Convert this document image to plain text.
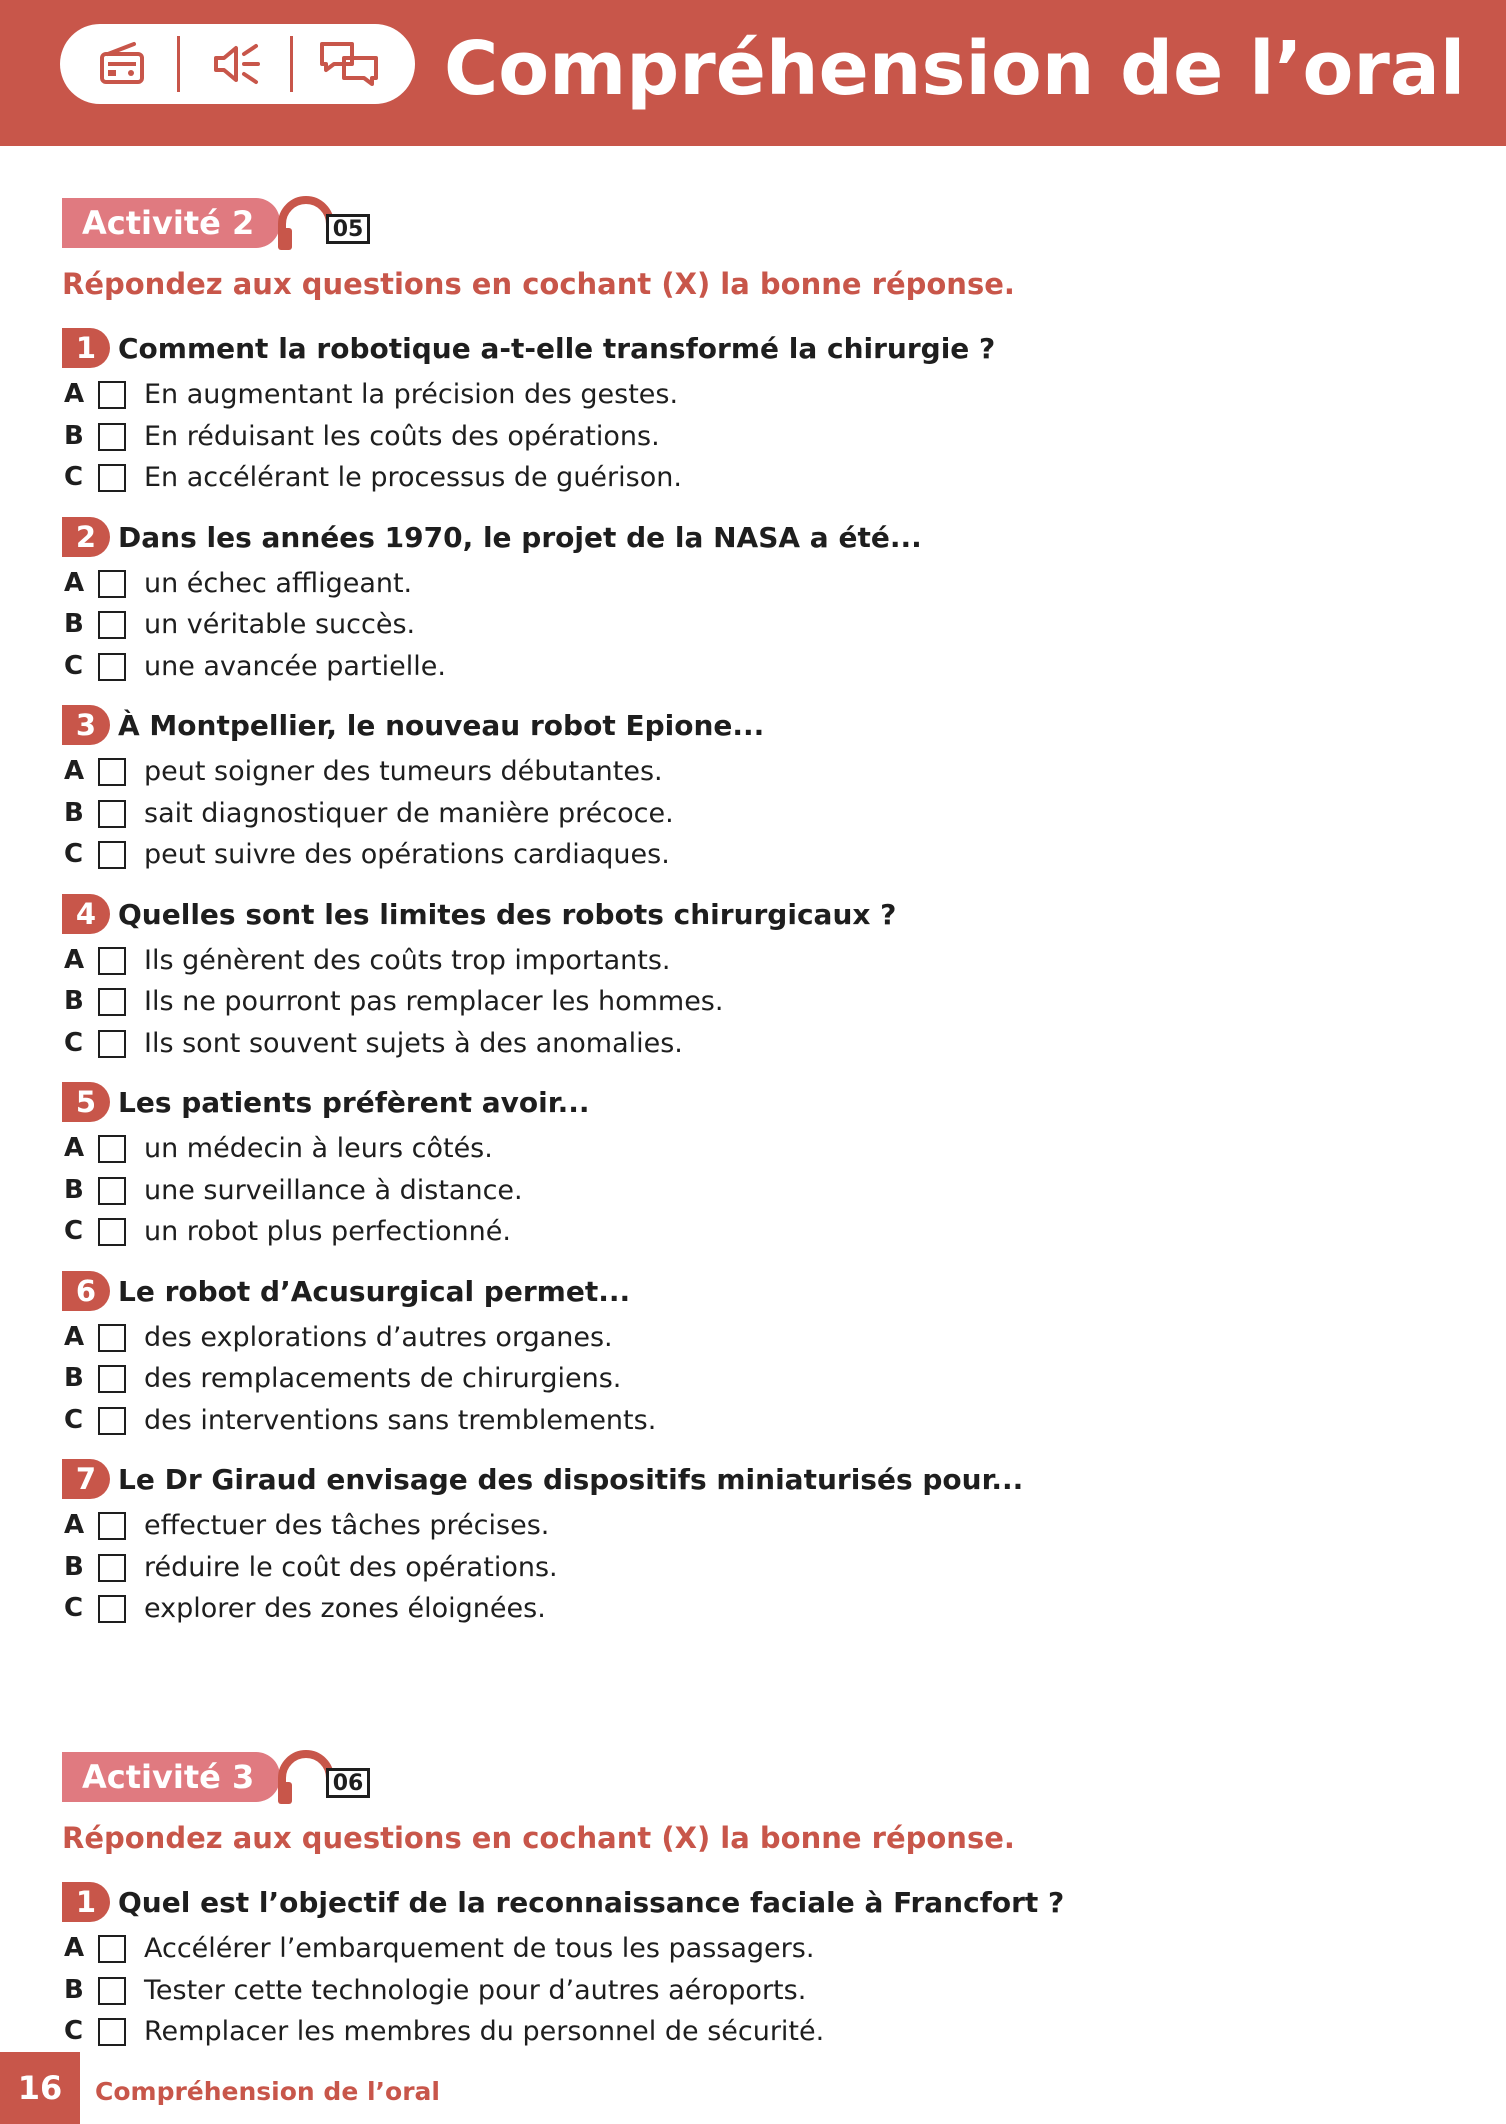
Compréhension de l’oral
Activité 2	05
Répondez aux questions en cochant (X) la bonne réponse.
1 Comment la robotique a-t-elle transformé la chirurgie ?
A En augmentant la précision des gestes.
B En réduisant les coûts des opérations.
C En accélérant le processus de guérison.
2 Dans les années 1970, le projet de la NASA a été...
A un échec affligeant.
B un véritable succès.
C une avancée partielle.
3 À Montpellier, le nouveau robot Epione...
A peut soigner des tumeurs débutantes.
B sait diagnostiquer de manière précoce.
C peut suivre des opérations cardiaques.
4 Quelles sont les limites des robots chirurgicaux ?
A Ils génèrent des coûts trop importants.
B Ils ne pourront pas remplacer les hommes.
C Ils sont souvent sujets à des anomalies.
5 Les patients préfèrent avoir...
A un médecin à leurs côtés.
B une surveillance à distance.
C un robot plus perfectionné.
6 Le robot d’Acusurgical permet...
A des explorations d’autres organes.
B des remplacements de chirurgiens.
C des interventions sans tremblements.
7 Le Dr Giraud envisage des dispositifs miniaturisés pour...
A effectuer des tâches précises.
B réduire le coût des opérations.
C explorer des zones éloignées.
Activité 3	06
Répondez aux questions en cochant (X) la bonne réponse.
1 Quel est l’objectif de la reconnaissance faciale à Francfort ?
A Accélérer l’embarquement de tous les passagers.
B Tester cette technologie pour d’autres aéroports.
C Remplacer les membres du personnel de sécurité.
16	Compréhension de l’oral
